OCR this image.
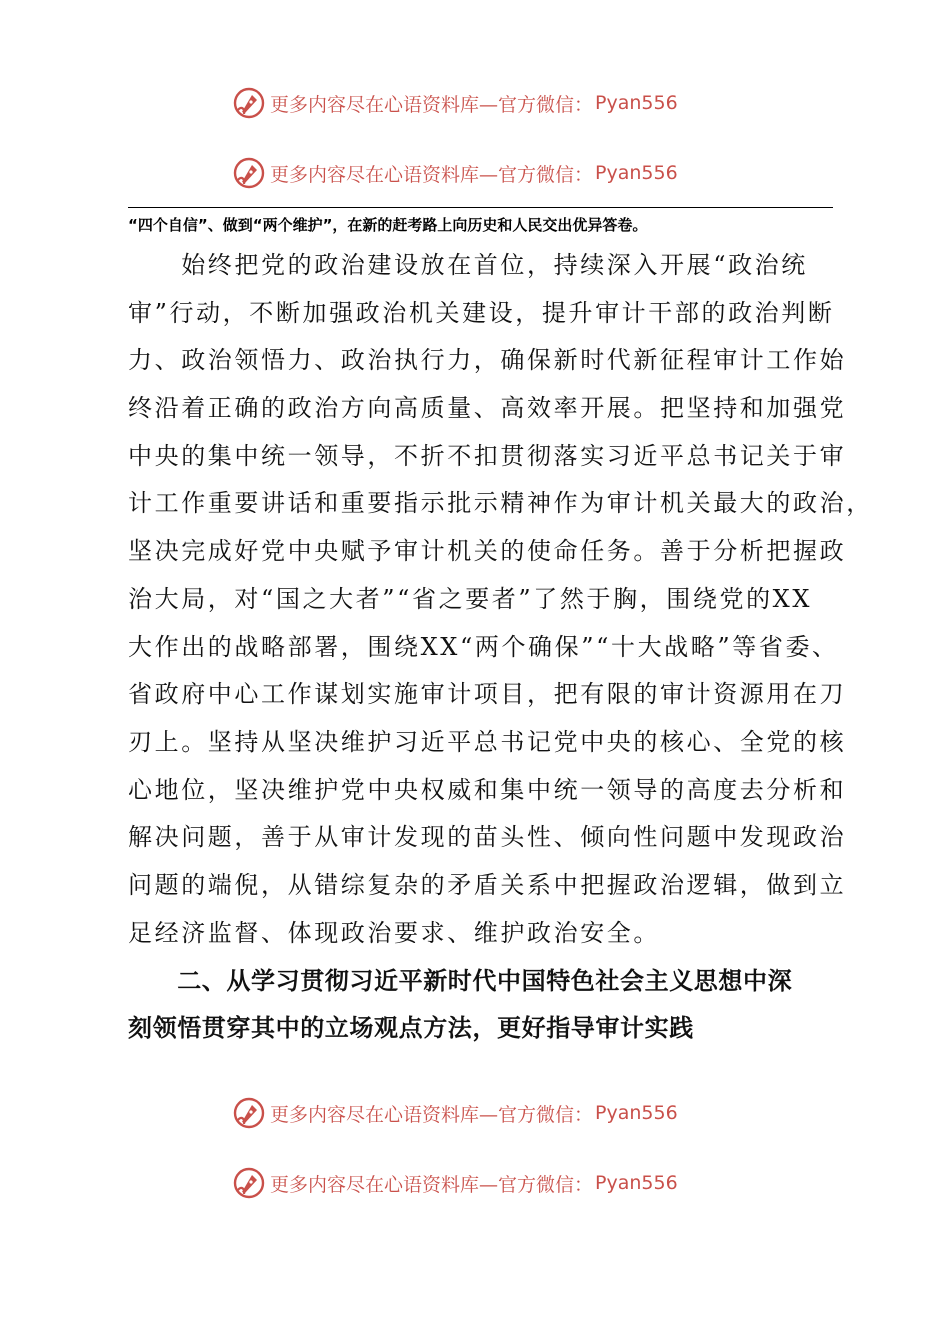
更多内容尽在心语资料库—官方微信： Pyan556
更多内容尽在心语资料库—官方微信： Pyan556
更多内容尽在心语资料库—官方微信： Pyan556
更多内容尽在心语资料库—官方微信： Pyan556
“四个自信”、做到“两个维护”，在新的赶考路上向历史和人民交出优异答卷。
　　始终把党的政治建设放在首位，持续深入开展“政治统
审”行动，不断加强政治机关建设，提升审计干部的政治判断
力、政治领悟力、政治执行力，确保新时代新征程审计工作始
终沿着正确的政治方向高质量、高效率开展。把坚持和加强党
中央的集中统一领导，不折不扣贯彻落实习近平总书记关于审
计工作重要讲话和重要指示批示精神作为审计机关最大的政治，
坚决完成好党中央赋予审计机关的使命任务。善于分析把握政
治大局，对“国之大者”“省之要者”了然于胸，围绕党的XX
大作出的战略部署，围绕XX“两个确保”“十大战略”等省委、
省政府中心工作谋划实施审计项目，把有限的审计资源用在刀
刃上。坚持从坚决维护习近平总书记党中央的核心、全党的核
心地位，坚决维护党中央权威和集中统一领导的高度去分析和
解决问题，善于从审计发现的苗头性、倾向性问题中发现政治
问题的端倪，从错综复杂的矛盾关系中把握政治逻辑，做到立
足经济监督、体现政治要求、维护政治安全。
　　二、从学习贯彻习近平新时代中国特色社会主义思想中深
刻领悟贯穿其中的立场观点方法，更好指导审计实践
